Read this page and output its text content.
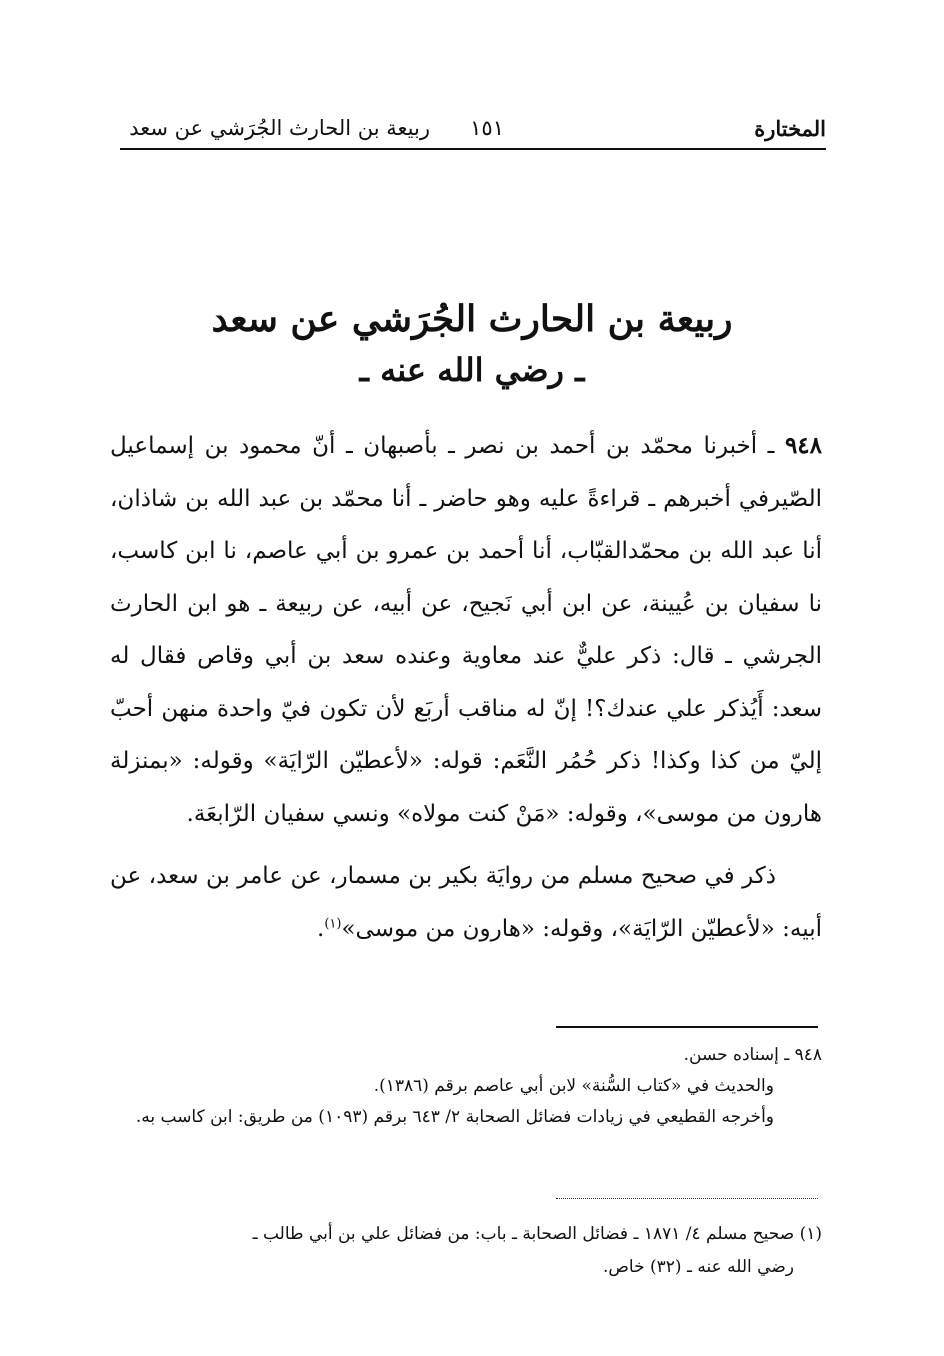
المختارة
١٥١
ربيعة بن الحارث الجُرَشي عن سعد
ربيعة بن الحارث الجُرَشي عن سعد
ـ رضي الله عنه ـ

٩٤٨ ـ أخبرنا محمّد بن أحمد بن نصر ـ بأصبهان ـ أنّ محمود بن إسماعيل الصّيرفي أخبرهم ـ قراءةً عليه وهو حاضر ـ أنا محمّد بن عبد الله بن شاذان، أنا عبد الله بن محمّدالقبّاب، أنا أحمد بن عمرو بن أبي عاصم، نا ابن كاسب، نا سفيان بن عُيينة، عن ابن أبي نَجيح، عن أبيه، عن ربيعة ـ هو ابن الحارث الجرشي ـ قال: ذكر عليٌّ عند معاوية وعنده سعد بن أبي وقاص فقال له سعد: أَيُذكر علي عندك؟! إنّ له مناقب أربَع لأن تكون فيّ واحدة منهن أحبّ إليّ من كذا وكذا! ذكر حُمُر النَّعَم: قوله: «لأعطيّن الرّايَة» وقوله: «بمنزلة هارون من موسى»، وقوله: «مَنْ كنت مولاه» ونسي سفيان الرّابعَة.

ذكر في صحيح مسلم من روايَة بكير بن مسمار، عن عامر بن سعد، عن أبيه: «لأعطيّن الرّايَة»، وقوله: «هارون من موسى»$^{(١)}$.

٩٤٨ ـ إسناده حسن.

والحديث في «كتاب السُّنة» لابن أبي عاصم برقم (١٣٨٦).

وأخرجه القطيعي في زيادات فضائل الصحابة ٢/ ٦٤٣ برقم (١٠٩٣) من طريق: ابن كاسب به.

(١) صحيح مسلم ٤/ ١٨٧١ ـ فضائل الصحابة ـ باب: من فضائل علي بن أبي طالب ـ

رضي الله عنه ـ (٣٢) خاص.
